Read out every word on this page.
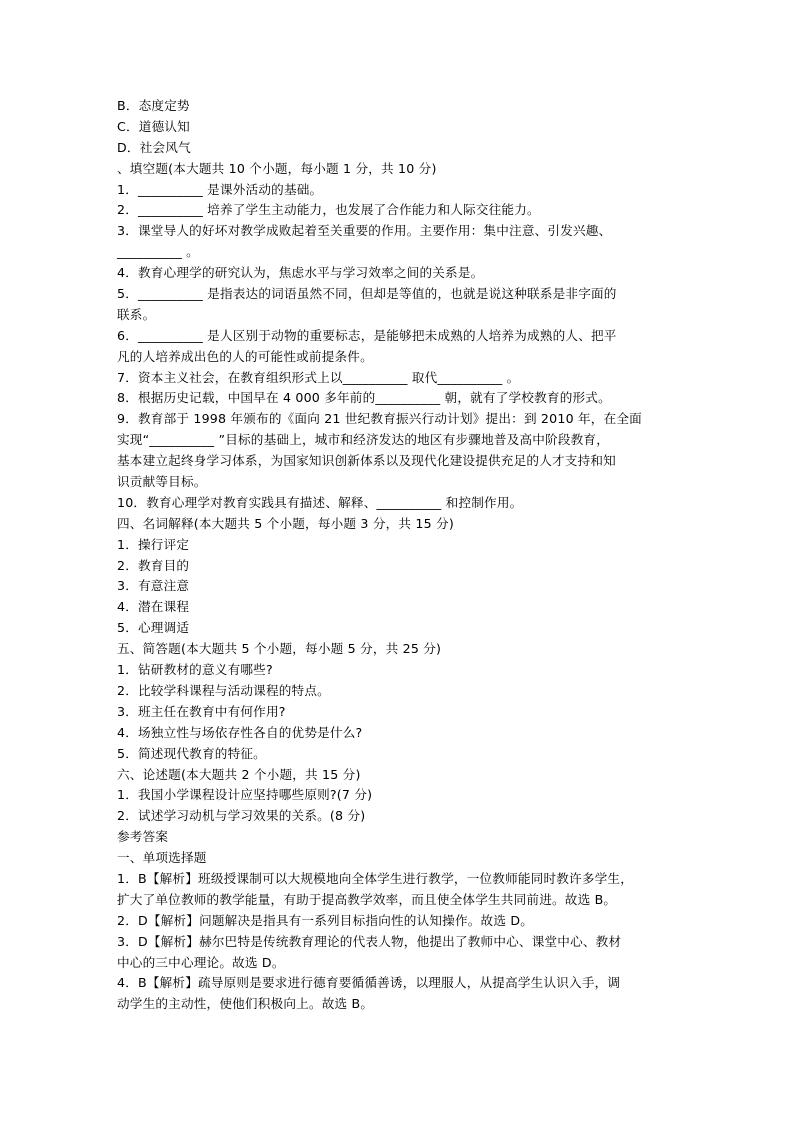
B．态度定势
C．道德认知
D．社会风气
、填空题(本大题共 10 个小题，每小题 1 分，共 10 分)
1．__________ 是课外活动的基础。
2．__________ 培养了学生主动能力，也发展了合作能力和人际交往能力。
3．课堂导人的好坏对教学成败起着至关重要的作用。主要作用：集中注意、引发兴趣、
__________ 。
4．教育心理学的研究认为，焦虑水平与学习效率之间的关系是。
5．__________ 是指表达的词语虽然不同，但却是等值的，也就是说这种联系是非字面的
联系。
6．__________ 是人区别于动物的重要标志，是能够把未成熟的人培养为成熟的人、把平
凡的人培养成出色的人的可能性或前提条件。
7．资本主义社会，在教育组织形式上以__________ 取代__________ 。
8．根据历史记载，中国早在 4 000 多年前的__________ 朝，就有了学校教育的形式。
9．教育部于 1998 年颁布的《面向 21 世纪教育振兴行动计划》提出：到 2010 年，在全面
实现“__________ ”目标的基础上，城市和经济发达的地区有步骤地普及高中阶段教育，
基本建立起终身学习体系，为国家知识创新体系以及现代化建设提供充足的人才支持和知
识贡献等目标。
10．教育心理学对教育实践具有描述、解释、__________ 和控制作用。
四、名词解释(本大题共 5 个小题，每小题 3 分，共 15 分)
1．操行评定
2．教育目的
3．有意注意
4．潜在课程
5．心理调适
五、简答题(本大题共 5 个小题，每小题 5 分，共 25 分)
1．钻研教材的意义有哪些?
2．比较学科课程与活动课程的特点。
3．班主任在教育中有何作用?
4．场独立性与场依存性各自的优势是什么?
5．简述现代教育的特征。
六、论述题(本大题共 2 个小题，共 15 分)
1．我国小学课程设计应坚持哪些原则?(7 分)
2．试述学习动机与学习效果的关系。(8 分)
参考答案
一、单项选择题
1．B【解析】班级授课制可以大规模地向全体学生进行教学，一位教师能同时教许多学生，
扩大了单位教师的教学能量，有助于提高教学效率，而且使全体学生共同前进。故选 B。
2．D【解析】问题解决是指具有一系列目标指向性的认知操作。故选 D。
3．D【解析】赫尔巴特是传统教育理论的代表人物，他提出了教师中心、课堂中心、教材
中心的三中心理论。故选 D。
4．B【解析】疏导原则是要求进行德育要循循善诱，以理服人，从提高学生认识入手，调
动学生的主动性，使他们积极向上。故选 B。
